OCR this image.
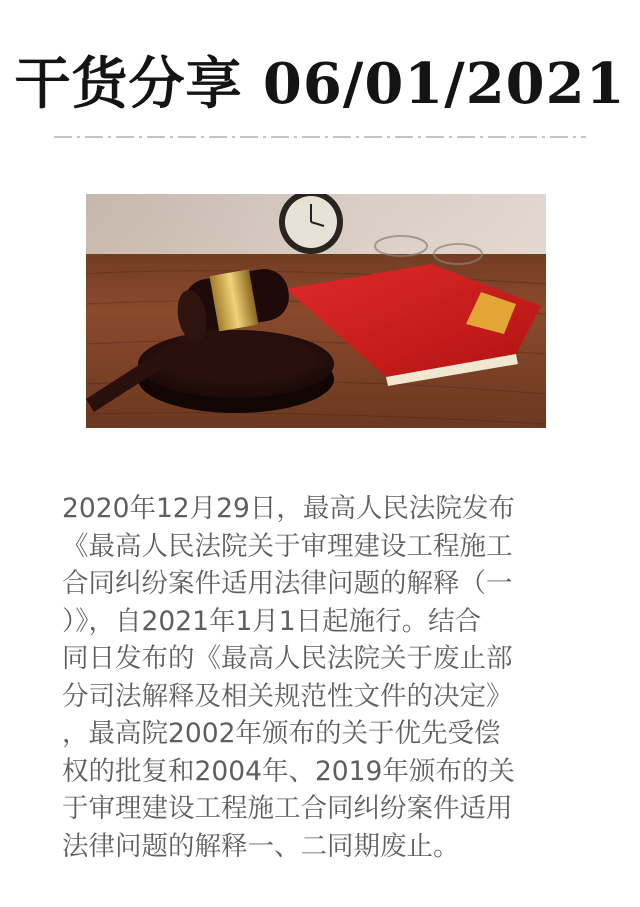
干货分享 06/01/2021
2020年12月29日，最高人民法院发布
《最高人民法院关于审理建设工程施工
合同纠纷案件适用法律问题的解释（一
）》，自2021年1月1日起施行。结合
同日发布的《最高人民法院关于废止部
分司法解释及相关规范性文件的决定》
，最高院2002年颁布的关于优先受偿
权的批复和2004年、2019年颁布的关
于审理建设工程施工合同纠纷案件适用
法律问题的解释一、二同期废止。
